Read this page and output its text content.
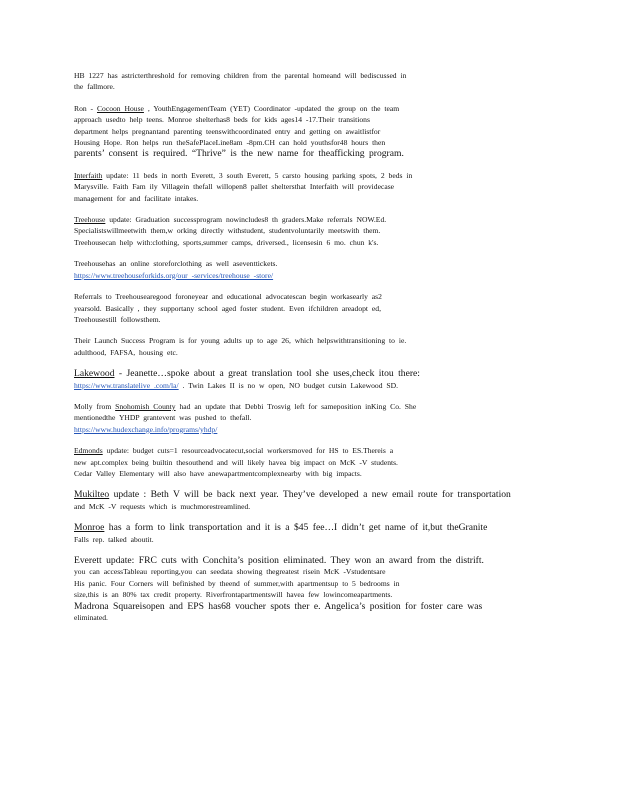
HB 1227 has astricterthreshold for removing children from the parental homeand will bediscussed in
the fallmore.

Ron - Cocoon House , YouthEngagementTeam (YET) Coordinator -updated the group on the team
approach usedto help teens. Monroe shelterhas8 beds for kids ages14 -17.Their transitions
department helps pregnantand parenting teenswithcoordinated entry and getting on awaitlistfor
Housing Hope. Ron helps run theSafePlaceLine8am -8pm.CH can hold youthsfor48 hours then
parents’ consent is required. “Thrive” is the new name for theafficking program.

Interfaith update: 11 beds in north Everett, 3 south Everett, 5 carsto housing parking spots, 2 beds in
Marysville. Faith Fam ily Villagein thefall willopen8 pallet sheltersthat Interfaith will providecase
management for and facilitate intakes.

Treehouse update: Graduation successprogram nowincludes8 th graders.Make referrals NOW.Ed.
Specialistswillmeetwith them,w orking directly withstudent, studentvoluntarily meetswith them.
Treehousecan help with:clothing, sports,summer camps, driversed., licensesin 6 mo. chun k's.

Treehousehas an online storeforclothing as well aseventtickets.
https://www.treehouseforkids.org/our -services/treehouse -store/

Referrals to Treehousearegood foroneyear and educational advocatescan begin workasearly as2
yearsold. Basically , they supportany school aged foster student. Even ifchildren areadopt ed,
Treehousestill followsthem.

Their Launch Success Program is for young adults up to age 26, which helpswithtransitioning to ie.
adulthood, FAFSA, housing etc.

Lakewood - Jeanette…spoke about a great translation tool she uses,check itou there:
https://www.translatelive .com/la/ . Twin Lakes II is no w open, NO budget cutsin Lakewood SD.

Molly from Snohomish County had an update that Debbi Trosvig left for sameposition inKing Co. She
mentionedthe YHDP grantevent was pushed to thefall.
https://www.hudexchange.info/programs/yhdp/

Edmonds update: budget cuts=1 resourceadvocatecut,social workersmoved for HS to ES.Thereis a
new apt.complex being builtin thesouthend and will likely havea big impact on McK -V students.
Cedar Valley Elementary will also have anewapartmentcomplexnearby with big impacts.

Mukilteo update : Beth V will be back next year. They’ve developed a new email route for transportation
and McK -V requests which is muchmorestreamlined.

Monroe has a form to link transportation and it is a $45 fee…I didn’t get name of it,but theGranite
Falls rep. talked aboutit.

Everett update: FRC cuts with Conchita’s position eliminated. They won an award from the distrift.
you can accessTableau reporting,you can seedata showing thegreatest risein McK -Vstudentsare
His panic. Four Corners will befinished by theend of summer,with apartmentsup to 5 bedrooms in
size,this is an 80% tax credit property. Riverfrontapartmentswill havea few lowincomeapartments.
Madrona Squareisopen and EPS has68 voucher spots ther e. Angelica’s position for foster care was
eliminated.
